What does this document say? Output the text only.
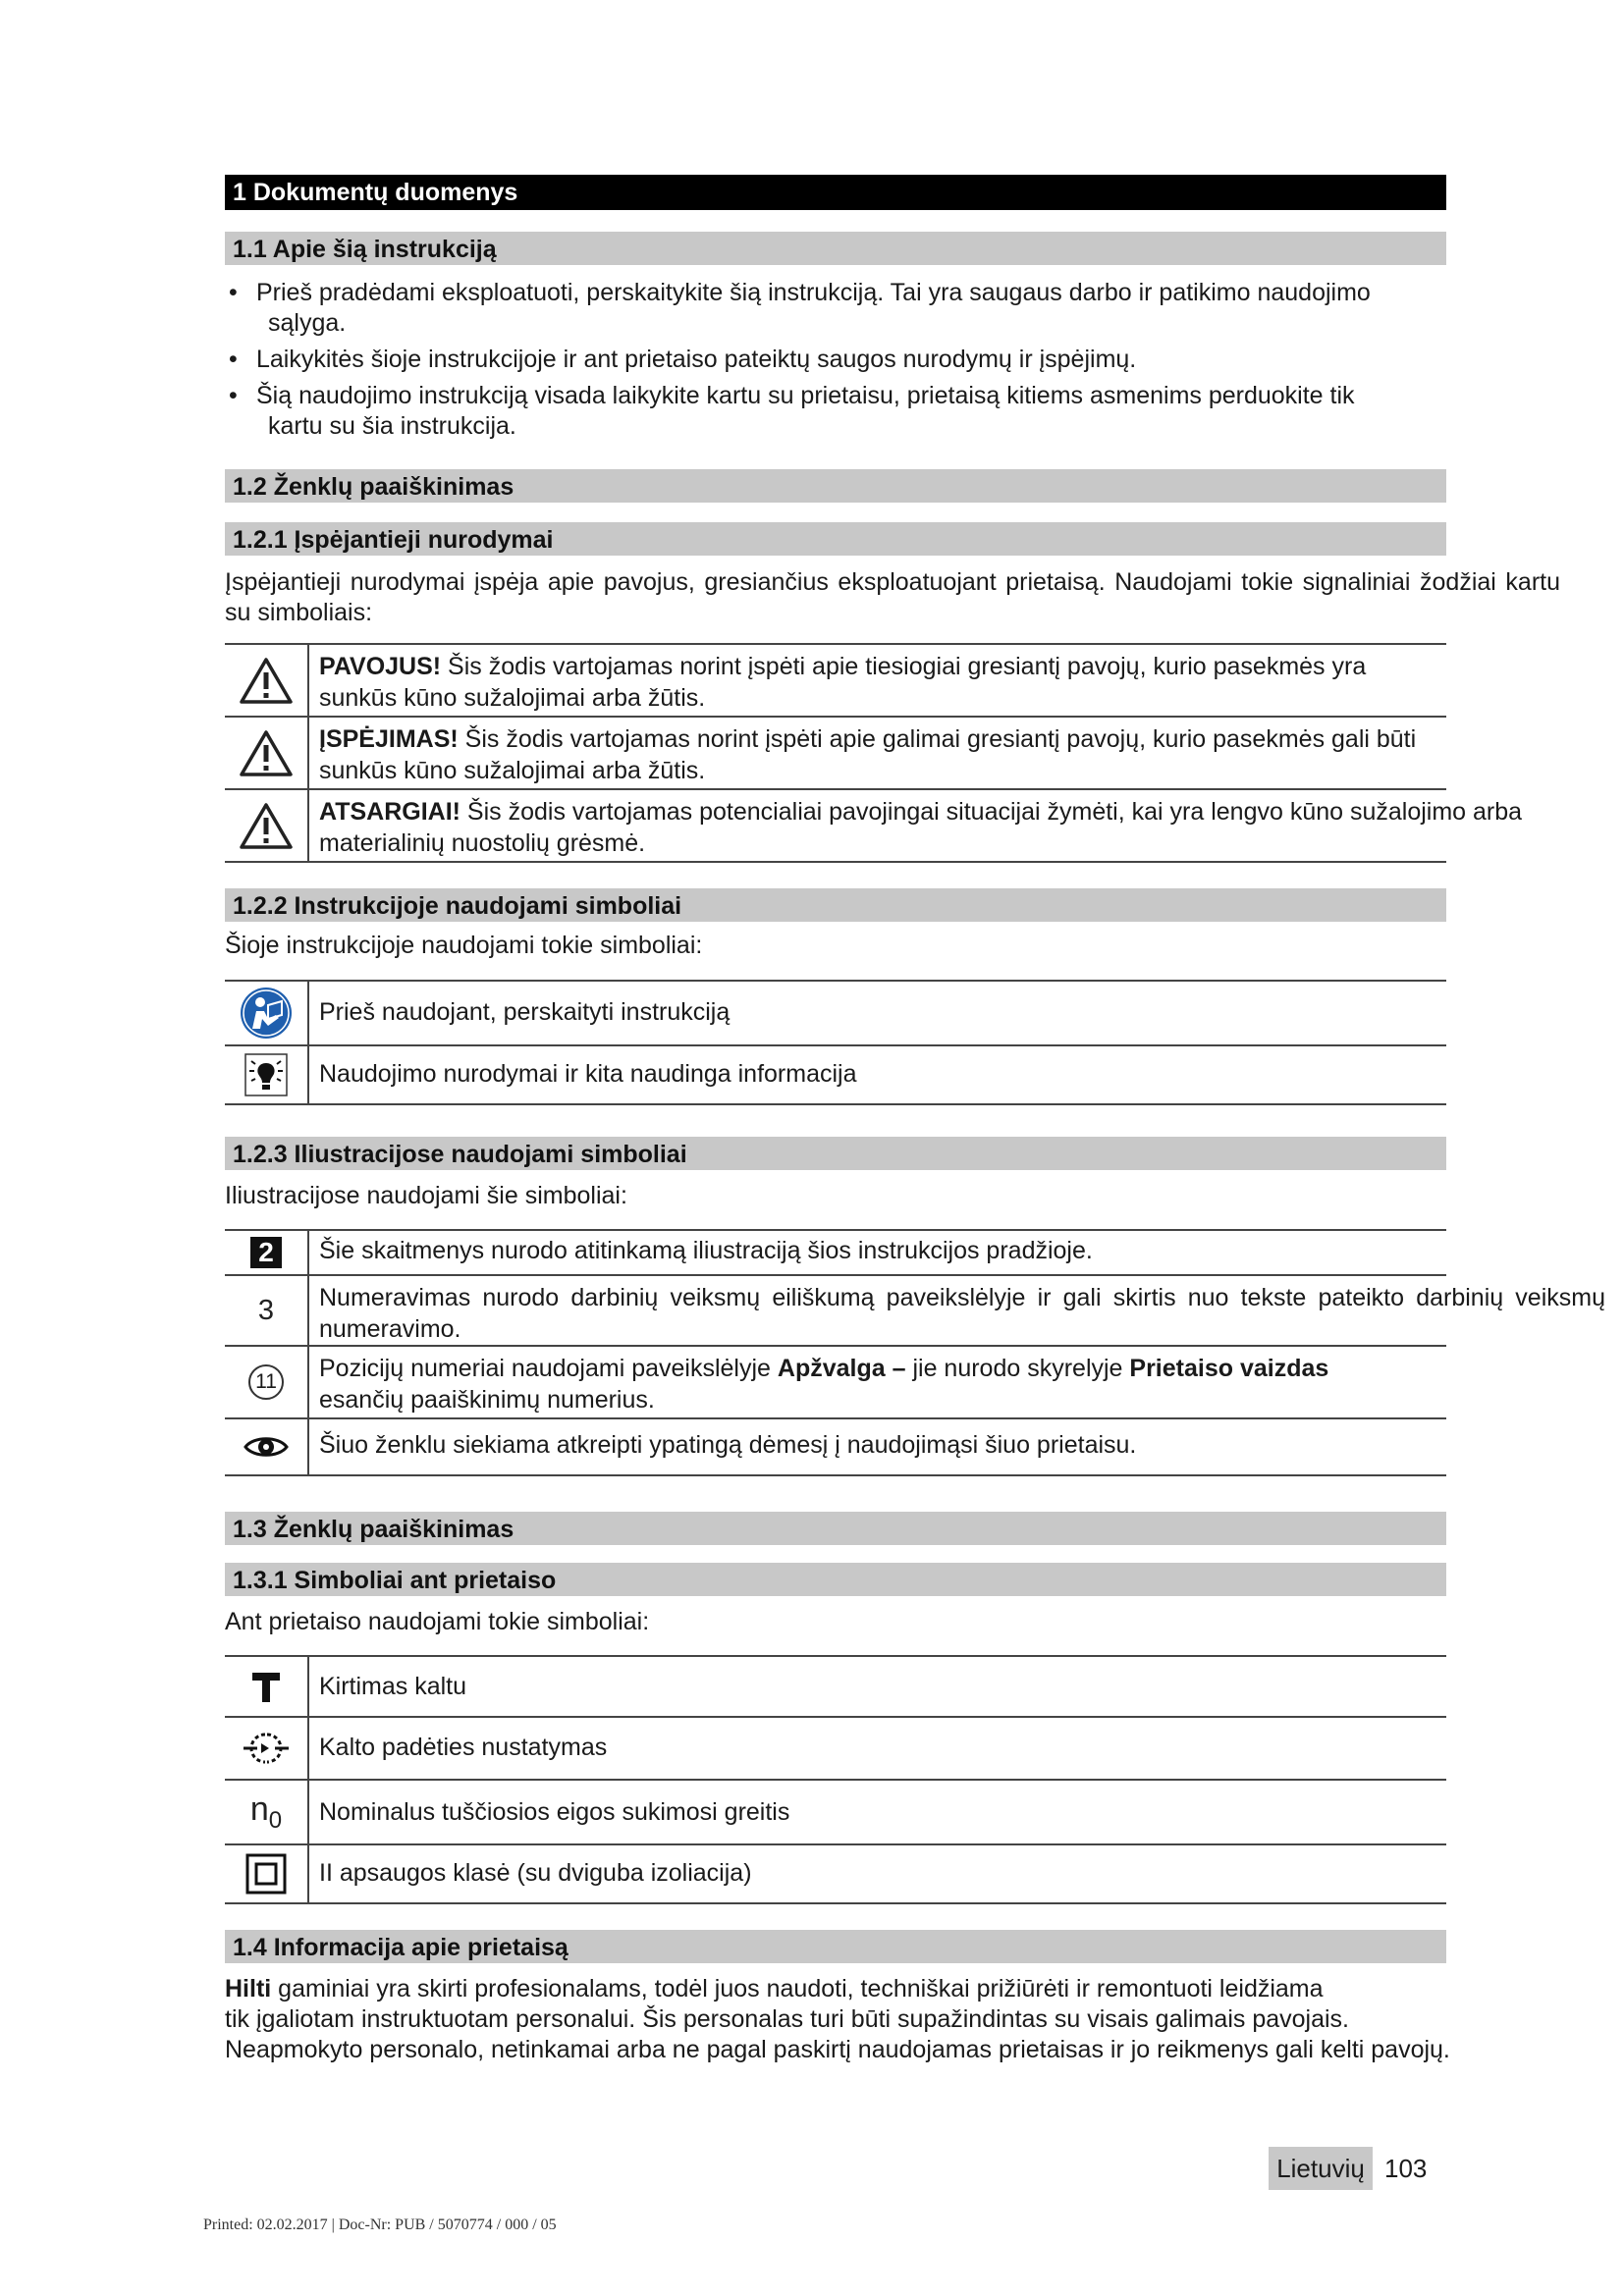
1 Dokumentų duomenys
1.1 Apie šią instrukciją
• Prieš pradėdami eksploatuoti, perskaitykite šią instrukciją. Tai yra saugaus darbo ir patikimo naudojimo
sąlyga.
• Laikykitės šioje instrukcijoje ir ant prietaiso pateiktų saugos nurodymų ir įspėjimų.
• Šią naudojimo instrukciją visada laikykite kartu su prietaisu, prietaisą kitiems asmenims perduokite tik
kartu su šia instrukcija.
1.2 Ženklų paaiškinimas
1.2.1 Įspėjantieji nurodymai
Įspėjantieji nurodymai įspėja apie pavojus, gresiančius eksploatuojant prietaisą. Naudojami tokie signaliniai žodžiai kartu su simboliais:
PAVOJUS! Šis žodis vartojamas norint įspėti apie tiesiogiai gresiantį pavojų, kurio pasekmės yra sunkūs kūno sužalojimai arba žūtis.
ĮSPĖJIMAS! Šis žodis vartojamas norint įspėti apie galimai gresiantį pavojų, kurio pasekmės gali būti sunkūs kūno sužalojimai arba žūtis.
ATSARGIAI! Šis žodis vartojamas potencialiai pavojingai situacijai žymėti, kai yra lengvo kūno sužalojimo arba materialinių nuostolių grėsmė.
1.2.2 Instrukcijoje naudojami simboliai
Šioje instrukcijoje naudojami tokie simboliai:
Prieš naudojant, perskaityti instrukciją
Naudojimo nurodymai ir kita naudinga informacija
1.2.3 Iliustracijose naudojami simboliai
Iliustracijose naudojami šie simboliai:
2	Šie skaitmenys nurodo atitinkamą iliustraciją šios instrukcijos pradžioje.
3 Numeravimas nurodo darbinių veiksmų eiliškumą paveikslėlyje ir gali skirtis nuo tekste pateikto darbinių veiksmų numeravimo.
11 Pozicijų numeriai naudojami paveikslėlyje Apžvalga – jie nurodo skyrelyje Prietaiso vaizdas
esančių paaiškinimų numerius.
Šiuo ženklu siekiama atkreipti ypatingą dėmesį į naudojimąsi šiuo prietaisu.
1.3 Ženklų paaiškinimas
1.3.1 Simboliai ant prietaiso
Ant prietaiso naudojami tokie simboliai:
Kirtimas kaltu
Kalto padėties nustatymas
$n_0$ Nominalus tuščiosios eigos sukimosi greitis
II apsaugos klasė (su dviguba izoliacija)
1.4 Informacija apie prietaisą
Hilti gaminiai yra skirti profesionalams, todėl juos naudoti, techniškai prižiūrėti ir remontuoti leidžiama
tik įgaliotam instruktuotam personalui. Šis personalas turi būti supažindintas su visais galimais pavojais.
Neapmokyto personalo, netinkamai arba ne pagal paskirtį naudojamas prietaisas ir jo reikmenys gali kelti pavojų.
Lietuvių 103
Printed: 02.02.2017 | Doc-Nr: PUB / 5070774 / 000 / 05
